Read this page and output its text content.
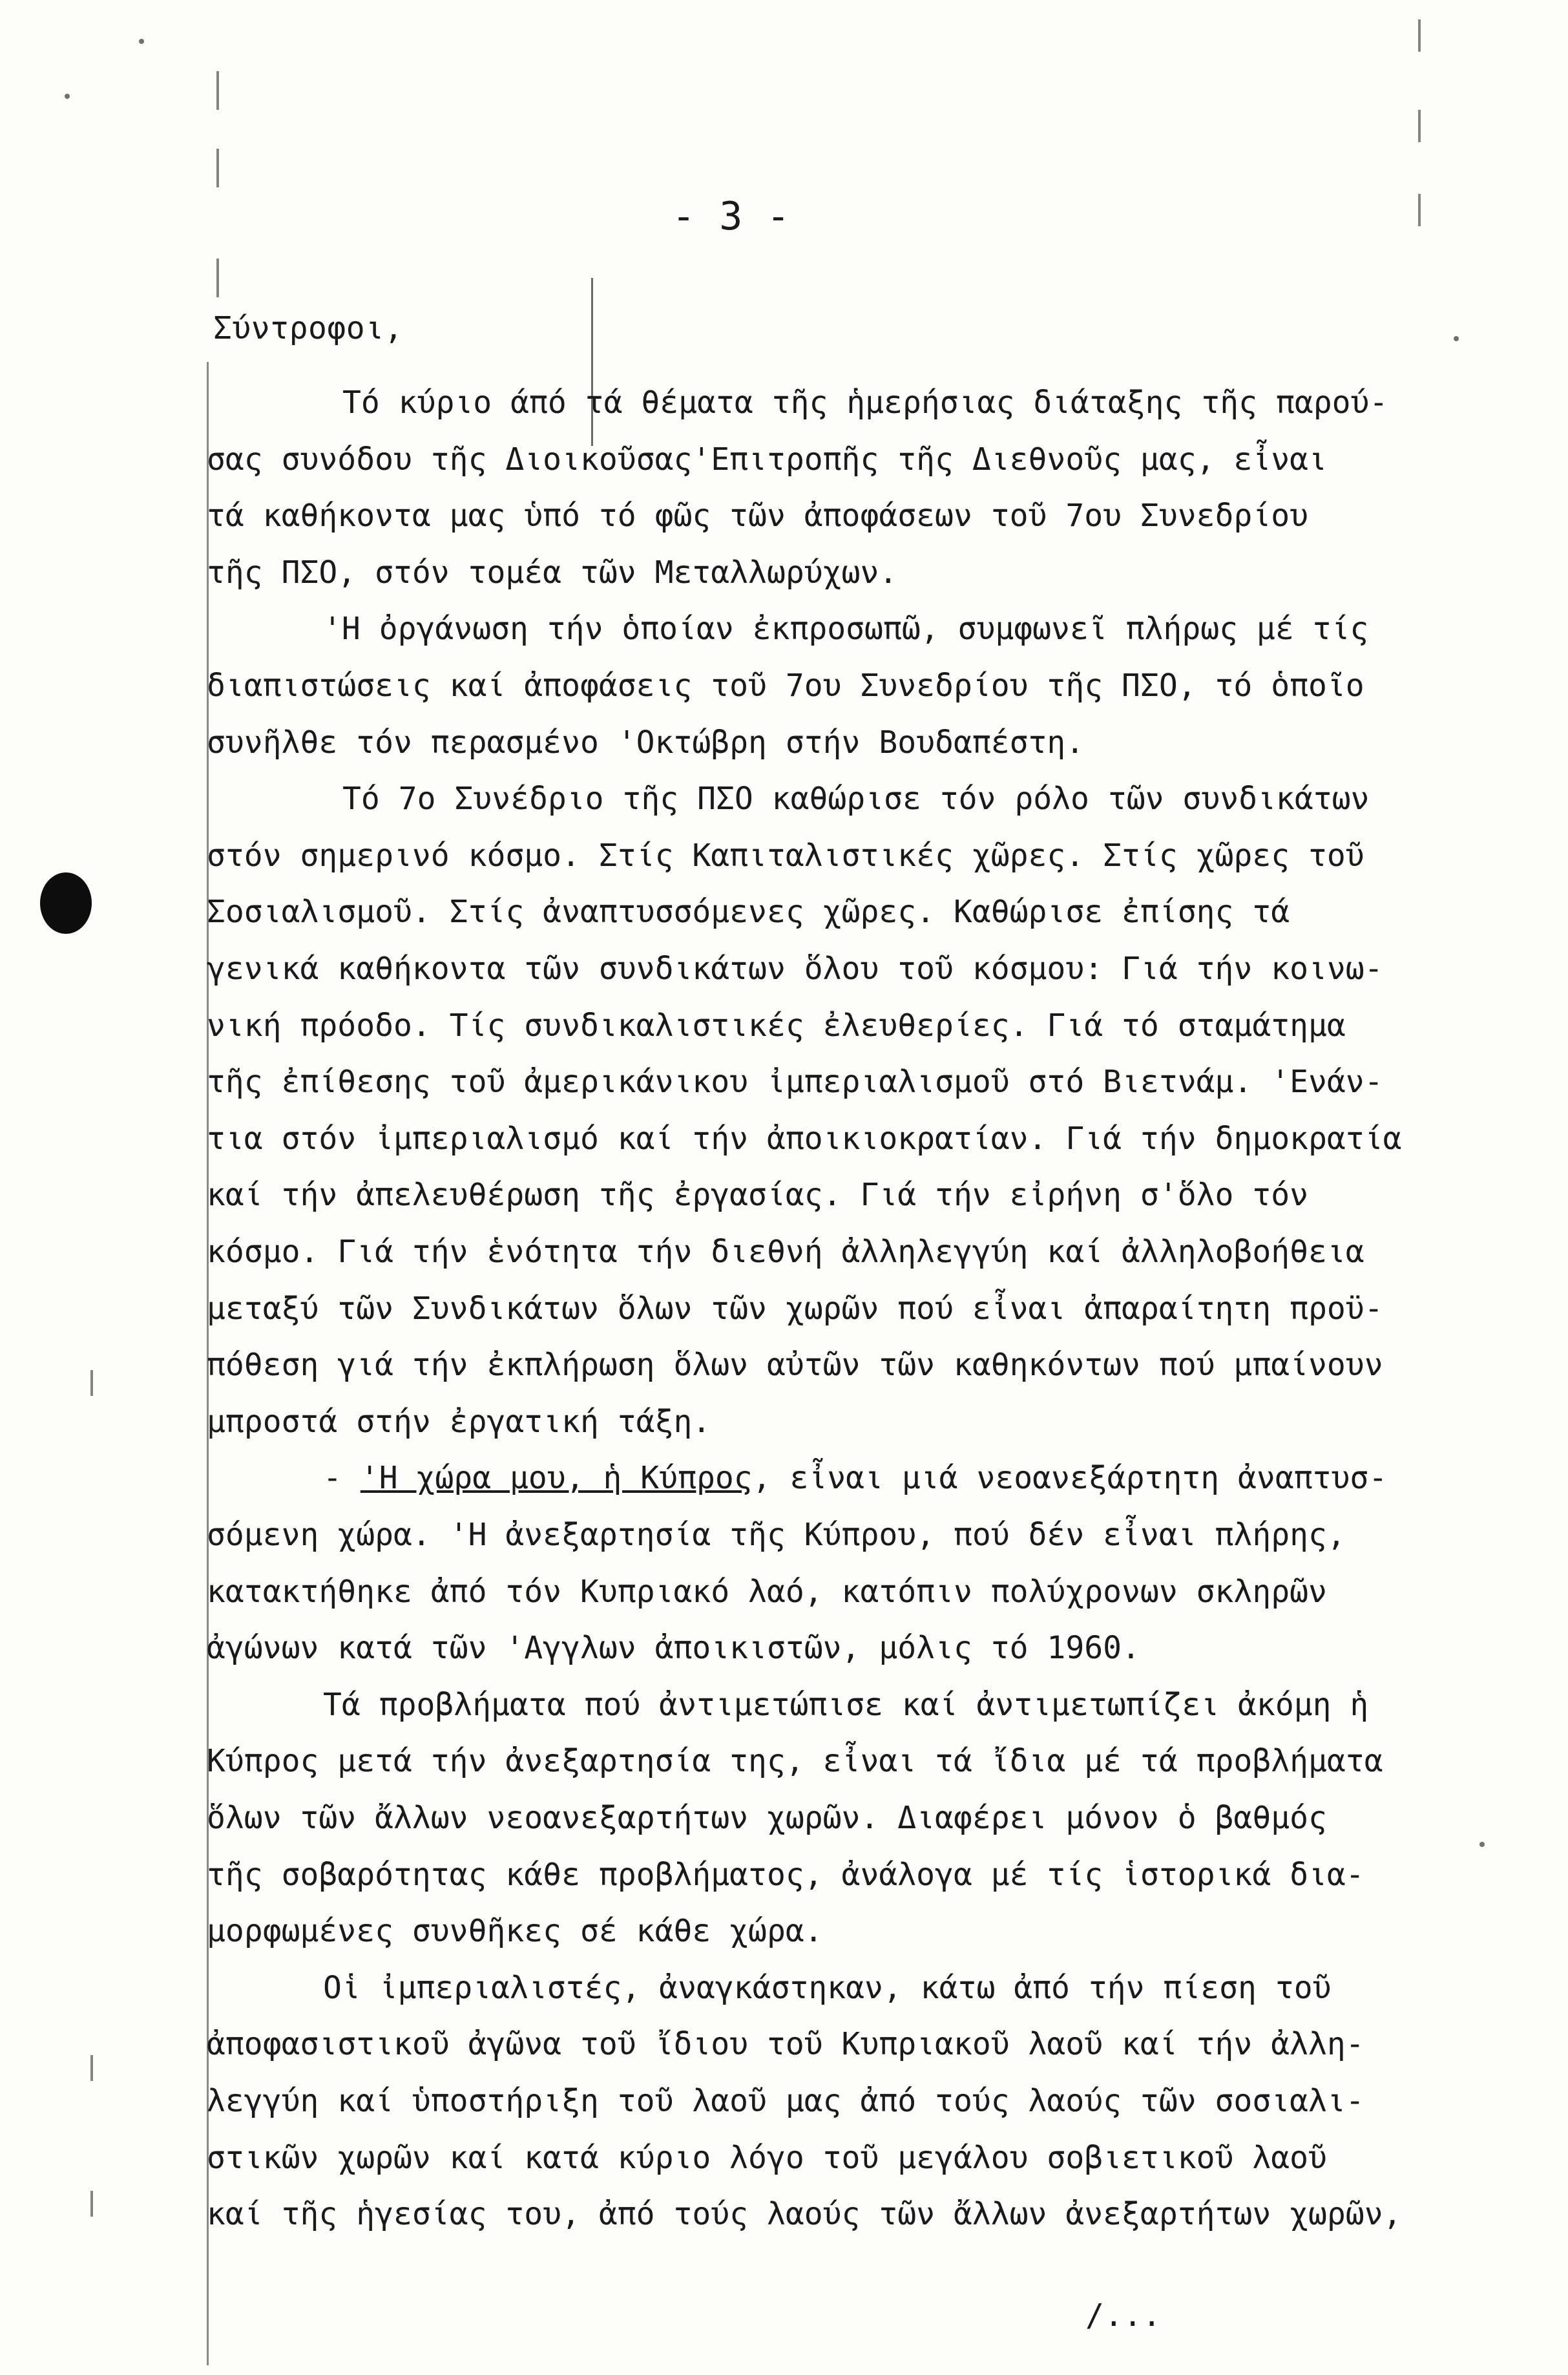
- 3 -
Σύντροφοι,
Τό κύριο άπό τά θέματα τῆς ἡμερήσιας διάταξης τῆς παρού-
σας συνόδου τῆς Διοικοῦσας'Επιτροπῆς τῆς Διεθνοῦς μας, εἶναι
τά καθήκοντα μας ὑπό τό φῶς τῶν ἀποφάσεων τοῦ 7ου Συνεδρίου
τῆς ΠΣΟ, στόν τομέα τῶν Μεταλλωρύχων.
'Η ὀργάνωση τήν ὁποίαν ἐκπροσωπῶ, συμφωνεῖ πλήρως μέ τίς
διαπιστώσεις καί ἀποφάσεις τοῦ 7ου Συνεδρίου τῆς ΠΣΟ, τό ὁποῖο
συνῆλθε τόν περασμένο 'Οκτώβρη στήν Βουδαπέστη.
Τό 7ο Συνέδριο τῆς ΠΣΟ καθώρισε τόν ρόλο τῶν συνδικάτων
στόν σημερινό κόσμο. Στίς Καπιταλιστικές χῶρες. Στίς χῶρες τοῦ
Σοσιαλισμοῦ. Στίς ἀναπτυσσόμενες χῶρες. Καθώρισε ἐπίσης τά
γενικά καθήκοντα τῶν συνδικάτων ὅλου τοῦ κόσμου: Γιά τήν κοινω-
νική πρόοδο. Τίς συνδικαλιστικές ἐλευθερίες. Γιά τό σταμάτημα
τῆς ἐπίθεσης τοῦ ἀμερικάνικου ἰμπεριαλισμοῦ στό Βιετνάμ. 'Ενάν-
τια στόν ἰμπεριαλισμό καί τήν ἀποικιοκρατίαν. Γιά τήν δημοκρατία
καί τήν ἀπελευθέρωση τῆς ἐργασίας. Γιά τήν εἰρήνη σ'ὅλο τόν
κόσμο. Γιά τήν ἑνότητα τήν διεθνή ἀλληλεγγύη καί ἀλληλοβοήθεια
μεταξύ τῶν Συνδικάτων ὅλων τῶν χωρῶν πού εἶναι ἀπαραίτητη προϋ-
πόθεση γιά τήν ἐκπλήρωση ὅλων αὐτῶν τῶν καθηκόντων πού μπαίνουν
μπροστά στήν ἐργατική τάξη.
- 'Η χώρα μου, ἡ Κύπρος, εἶναι μιά νεοανεξάρτητη ἀναπτυσ-
σόμενη χώρα. 'Η ἀνεξαρτησία τῆς Κύπρου, πού δέν εἶναι πλήρης,
κατακτήθηκε ἀπό τόν Κυπριακό λαό, κατόπιν πολύχρονων σκληρῶν
ἀγώνων κατά τῶν 'Αγγλων ἀποικιστῶν, μόλις τό 1960.
Τά προβλήματα πού ἀντιμετώπισε καί ἀντιμετωπίζει ἀκόμη ἡ
Κύπρος μετά τήν ἀνεξαρτησία της, εἶναι τά ἴδια μέ τά προβλήματα
ὅλων τῶν ἄλλων νεοανεξαρτήτων χωρῶν. Διαφέρει μόνον ὁ βαθμός
τῆς σοβαρότητας κάθε προβλήματος, ἀνάλογα μέ τίς ἱστορικά δια-
μορφωμένες συνθῆκες σέ κάθε χώρα.
Οἱ ἰμπεριαλιστές, ἀναγκάστηκαν, κάτω ἀπό τήν πίεση τοῦ
ἀποφασιστικοῦ ἀγῶνα τοῦ ἴδιου τοῦ Κυπριακοῦ λαοῦ καί τήν ἀλλη-
λεγγύη καί ὑποστήριξη τοῦ λαοῦ μας ἀπό τούς λαούς τῶν σοσιαλι-
στικῶν χωρῶν καί κατά κύριο λόγο τοῦ μεγάλου σοβιετικοῦ λαοῦ
καί τῆς ἡγεσίας του, ἀπό τούς λαούς τῶν ἄλλων ἀνεξαρτήτων χωρῶν,
/...
